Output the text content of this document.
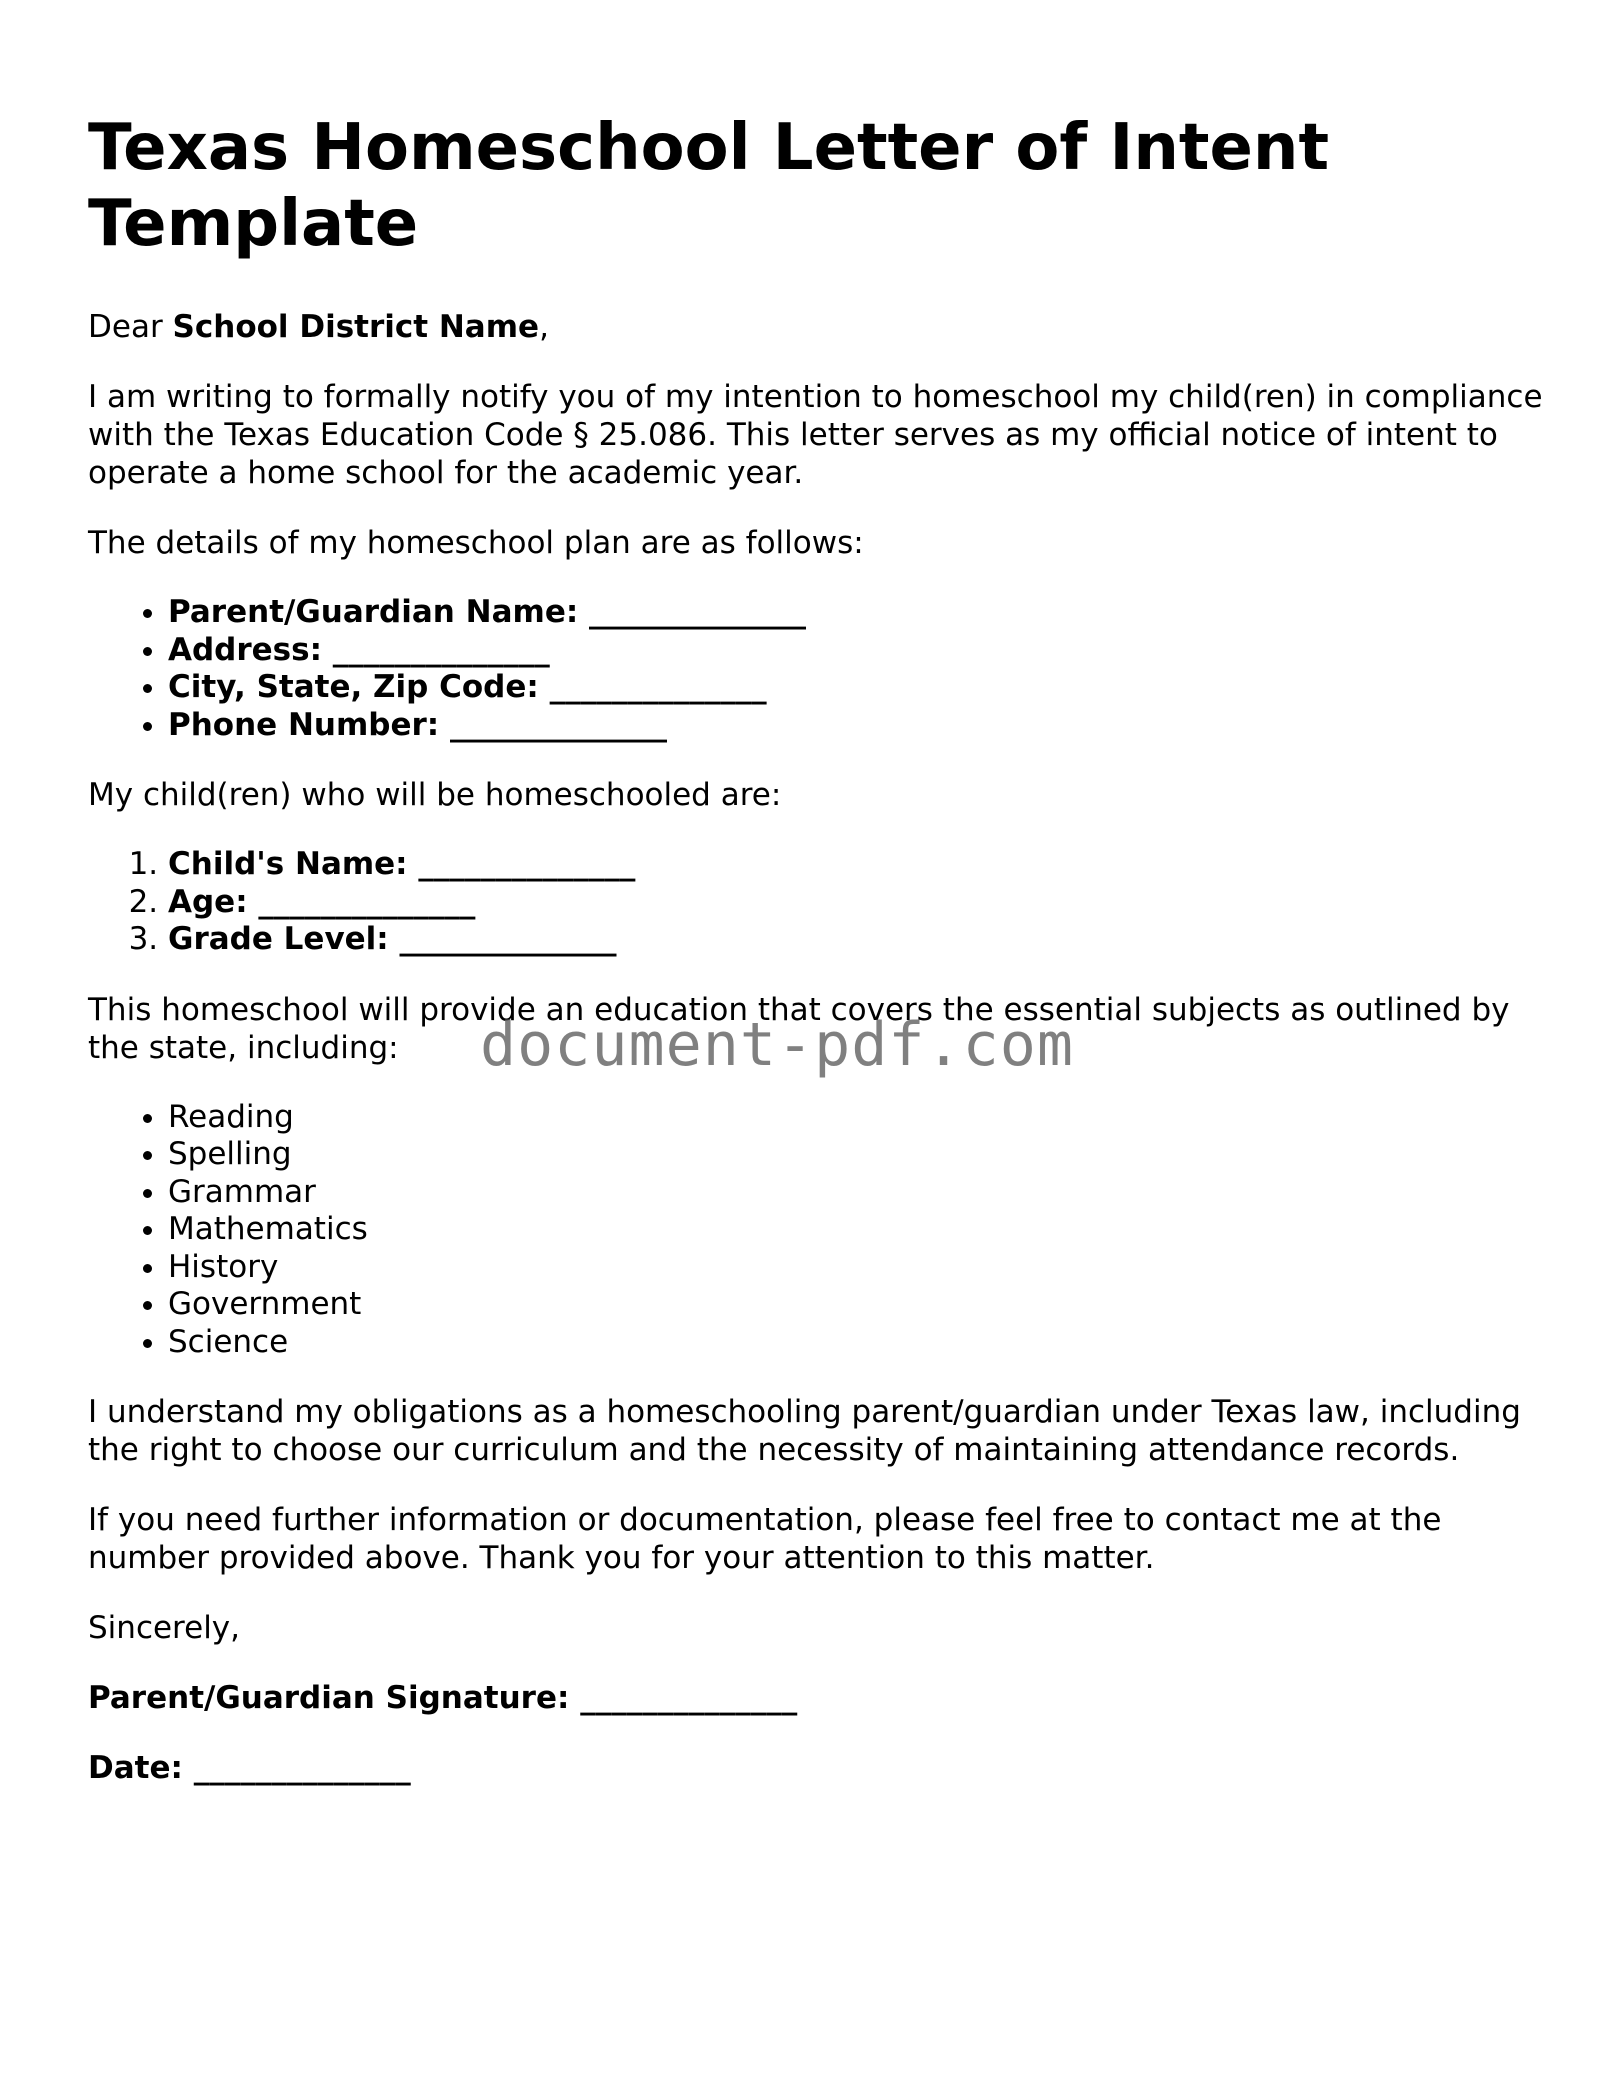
Texas Homeschool Letter of Intent Template

Dear School District Name,

I am writing to formally notify you of my intention to homeschool my child(ren) in compliance with the Texas Education Code § 25.086. This letter serves as my official notice of intent to operate a home school for the academic year.

The details of my homeschool plan are as follows:

• Parent/Guardian Name: ______________
• Address: ______________
• City, State, Zip Code: ______________
• Phone Number: ______________

My child(ren) who will be homeschooled are:

1. Child's Name: ______________
2. Age: ______________
3. Grade Level: ______________

This homeschool will provide an education that covers the essential subjects as outlined by the state, including:

• Reading
• Spelling
• Grammar
• Mathematics
• History
• Government
• Science

I understand my obligations as a homeschooling parent/guardian under Texas law, including the right to choose our curriculum and the necessity of maintaining attendance records.

If you need further information or documentation, please feel free to contact me at the number provided above. Thank you for your attention to this matter.

Sincerely,

Parent/Guardian Signature: ______________

Date: ______________

document-pdf.com
